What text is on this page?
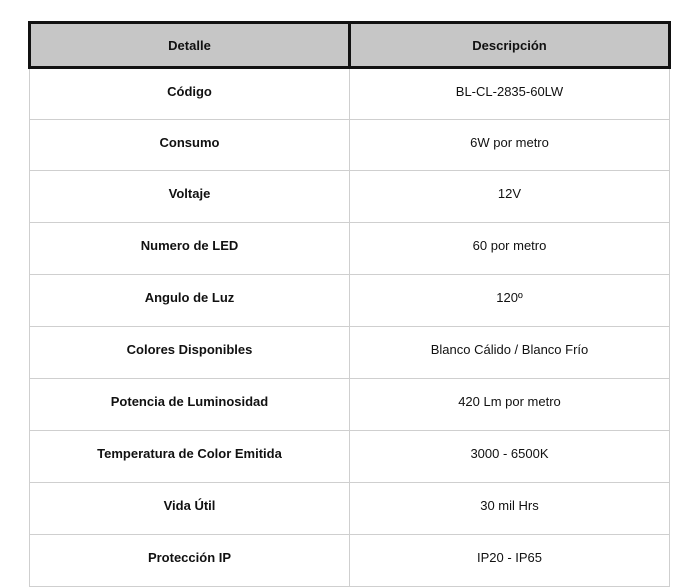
Detalle	Descripción
Código	BL-CL-2835-60LW
Consumo	6W por metro
Voltaje	12V
Numero de LED	60 por metro
Angulo de Luz	120º
Colores Disponibles	Blanco Cálido / Blanco Frío
Potencia de Luminosidad	420 Lm por metro
Temperatura de Color Emitida	3000 - 6500K
Vida Útil	30 mil Hrs
Protección IP	IP20 - IP65
